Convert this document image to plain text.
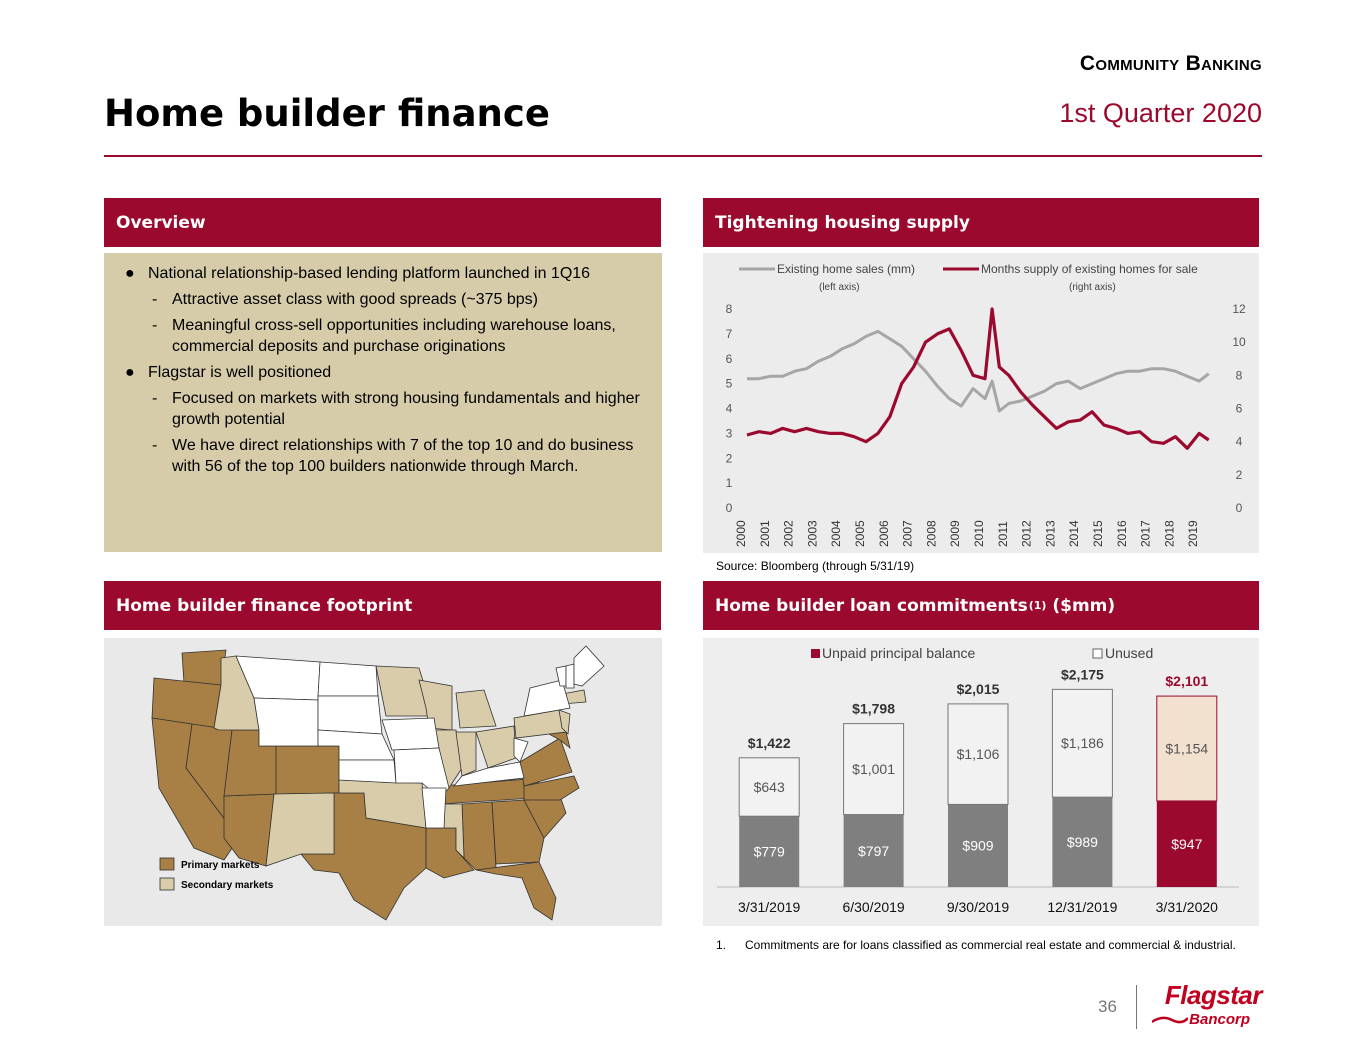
Community Banking
Home builder finance	1st Quarter 2020
Overview
● National relationship-based lending platform launched in 1Q16
- Attractive asset class with good spreads (~375 bps)
- Meaningful cross-sell opportunities including warehouse loans, commercial deposits and purchase originations
● Flagstar is well positioned
- Focused on markets with strong housing fundamentals and higher growth potential
- We have direct relationships with 7 of the top 10 and do business with 56 of the top 100 builders nationwide through March.
Tightening housing supply
Existing home sales (mm)
(left axis)
Months supply of existing homes for sale
(right axis)
0
1
2
3
4
5
6
7
8
0
2
4
6
8
10
12
2000 2001 2002 2003 2004 2005 2006 2007 2008 2009 2010 2011 2012 2013 2014 2015 2016 2017 2018 2019
Source: Bloomberg (through 5/31/19)
Home builder finance footprint
Primary markets
Secondary markets
Home builder loan commitments (1)
($mm)
Unpaid principal balance	Unused
$779
$643
$1,422
3/31/2019
$797
$1,001
$1,798
6/30/2019
$909
$1,106
$2,015
9/30/2019
$989
$1,186
$2,175
12/31/2019
$947
$1,154
$2,101
3/31/2020
1.	Commitments are for loans classified as commercial real estate and commercial & industrial.
36 Flagstar
Bancorp
